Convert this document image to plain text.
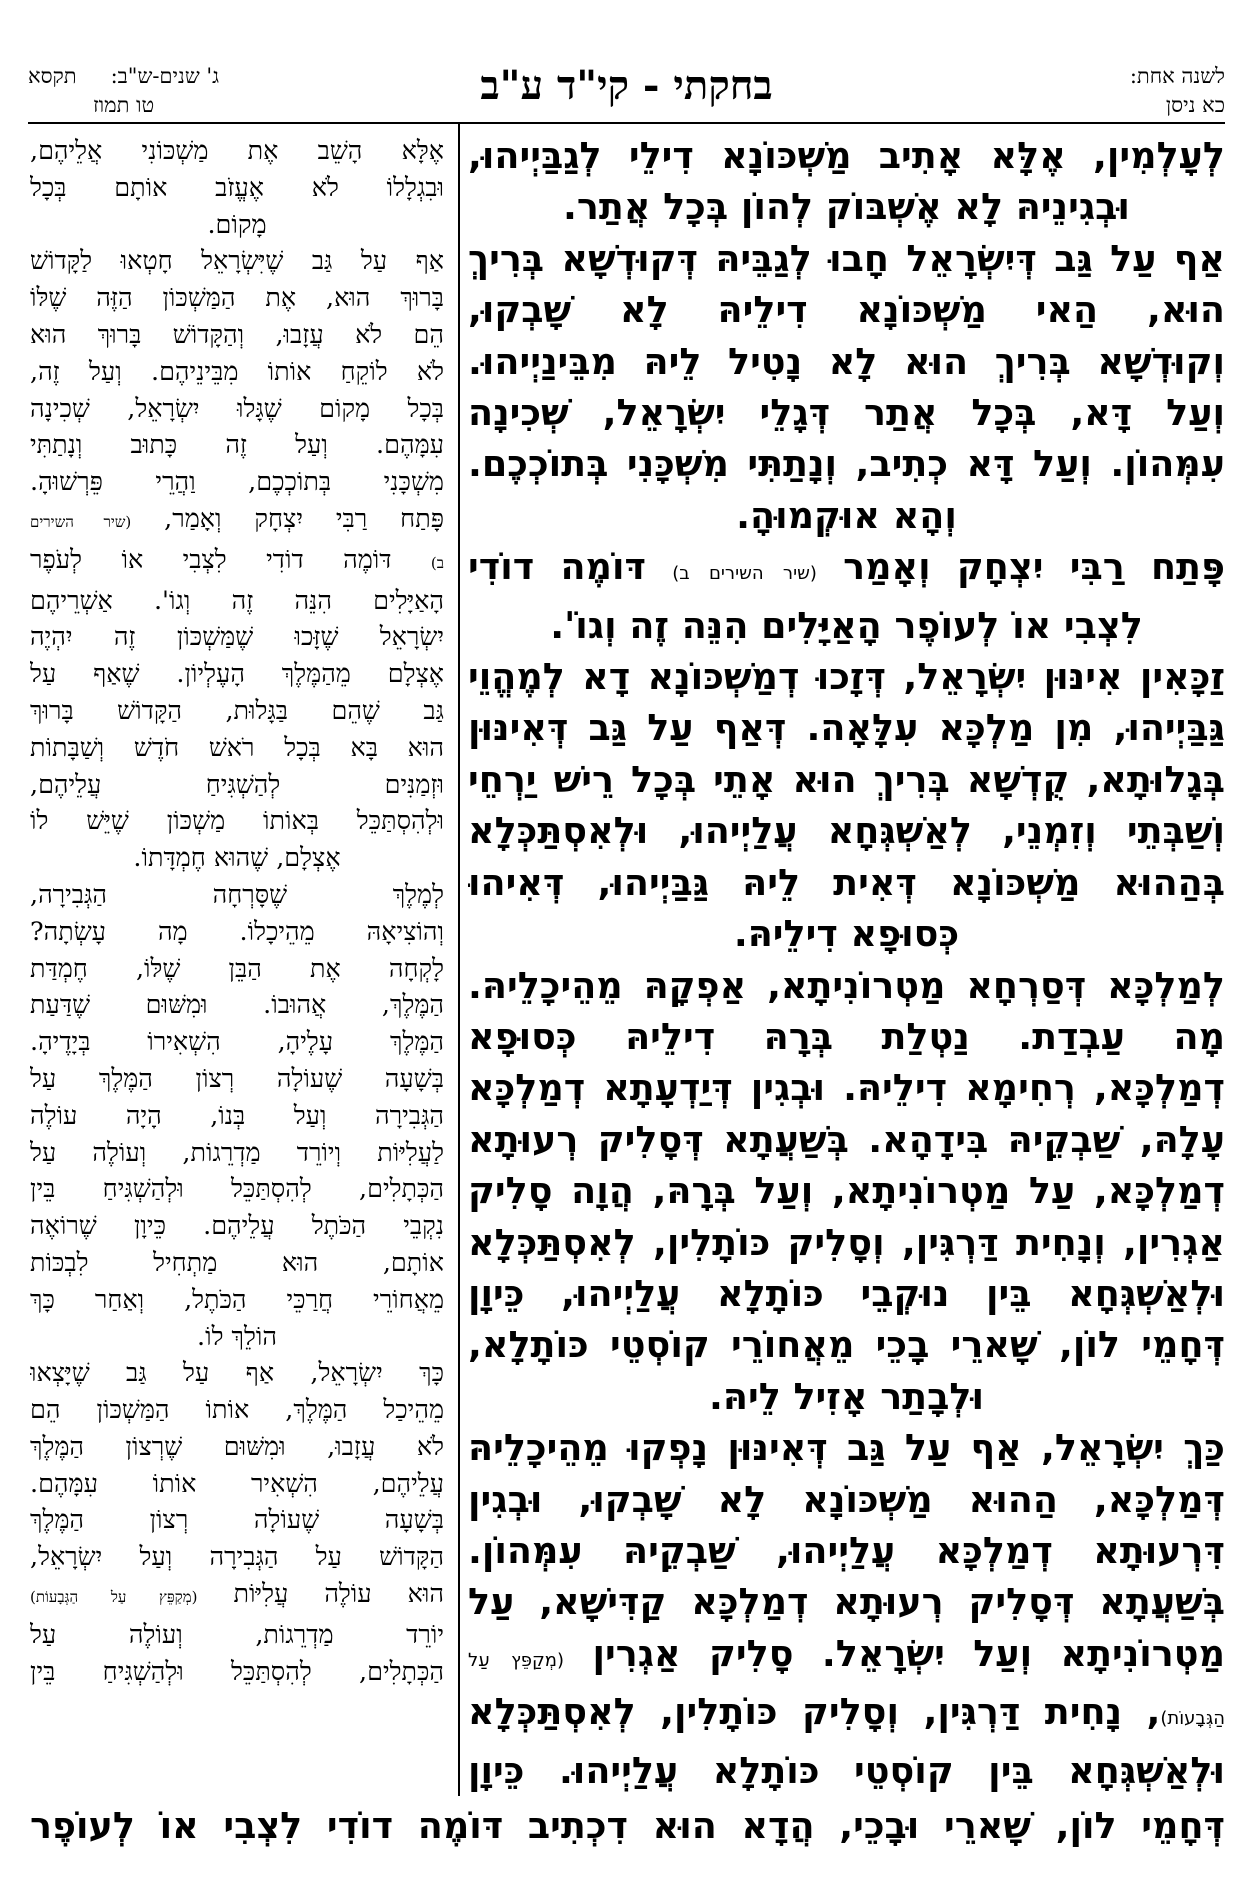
לשנה אחת:
כא ניסן
בחקתי - קי"ד ע"ב
ג' שנים-ש"ב:
תקסא
טו תמוז
לְעָלְמִין, אֶלָּא אָתִיב מַשְׁכּוֹנָא דִילֵי לְגַבַּיְיהוּ,
וּבְגִינֵיהּ לָא אֶשְׁבּוֹק לְהוֹן בְּכָל אֲתַר.
אַף עַל גַּב דְּיִשְׂרָאֵל חָבוּ לְגַבֵּיהּ דְּקוּדְשָׁא בְּרִיךְ
הוּא, הַאי מַשְׁכּוֹנָא דִילֵיהּ לָא שָׁבְקוּ,
וְקוּדְשָׁא בְּרִיךְ הוּא לָא נָטִיל לֵיהּ מִבֵּינַיְיהוּ.
וְעַל דָּא, בְּכָל אֲתַר דְּגָלֵי יִשְׂרָאֵל, שְׁכִינָה
עִמְּהוֹן. וְעַל דָּא כְתִיב, וְנָתַתִּי מִשְׁכָּנִי בְּתוֹכְכֶם.
וְהָא אוּקְמוּהָ.
פָּתַח רַבִּי יִצְחָק וְאָמַר (שיר השירים ב) דּוֹמֶה דוֹדִי
לִצְבִי אוֹ לְעוֹפֶר הָאַיָּלִים הִנֵּה זֶה וְגוֹ'.
זַכָּאִין אִינּוּן יִשְׂרָאֵל, דְּזָכוּ דְמַשְׁכּוֹנָא דָא לְמֶהֱוֵי
גַּבַּיְיהוּ, מִן מַלְכָּא עִלָּאָה. דְּאַף עַל גַּב דְּאִינּוּן
בְּגָלוּתָא, קֻדְשָׁא בְּרִיךְ הוּא אָתֵי בְּכָל רֵישׁ יַרְחֵי
וְשַׁבְּתֵי וְזִמְנֵי, לְאַשְׁגְּחָא עֲלַיְיהוּ, וּלְאִסְתַּכְּלָא
בְּהַהוּא מַשְׁכּוֹנָא דְּאִית לֵיהּ גַּבַּיְיהוּ, דְּאִיהוּ
כְּסוּפָא דִילֵיהּ.
לְמַלְכָּא דְּסַרְחָא מַטְרוֹנִיתָא, אַפְקָהּ מֵהֵיכָלֵיהּ.
מָה עַבְדַת. נַטְלַת בְּרָהּ דִילֵיהּ כְּסוּפָא
דְמַלְכָּא, רְחִימָא דִילֵיהּ. וּבְגִין דְּיַדְעָתָא דְמַלְכָּא
עָלָהּ, שַׁבְקֵיהּ בִּידָהָא. בְּשַׁעֲתָא דְּסָלִיק רְעוּתָא
דְמַלְכָּא, עַל מַטְרוֹנִיתָא, וְעַל בְּרָהּ, הֲוָה סָלִיק
אַגְרִין, וְנָחִית דַּרְגִּין, וְסָלִיק כּוֹתָלִין, לְאִסְתַּכְּלָא
וּלְאַשְׁגְּחָא בֵּין נוּקְבֵי כּוֹתָלָא עֲלַיְיהוּ, כֵּיוָן
דְּחָמֵי לוֹן, שָׁארֵי בָכֵי מֵאֲחוֹרֵי קוֹסְטֵי כּוֹתָלָא,
וּלְבָתַר אָזִיל לֵיהּ.
כַּךְ יִשְׂרָאֵל, אַף עַל גַּב דְּאִינּוּן נָפְקוּ מֵהֵיכָלֵיהּ
דְּמַלְכָּא, הַהוּא מַשְׁכּוֹנָא לָא שָׁבְקוּ, וּבְגִין
דִּרְעוּתָא דְמַלְכָּא עֲלַיְיהוּ, שַׁבְקֵיהּ עִמְּהוֹן.
בְּשַׁעֲתָא דְּסָלִיק רְעוּתָא דְמַלְכָּא קַדִּישָׁא, עַל
מַטְרוֹנִיתָא וְעַל יִשְׂרָאֵל. סָלִיק אַגְרִין (מְקַפֵּץ עַל
הַגְּבָעוֹת), נָחִית דַּרְגִּין, וְסָלִיק כּוֹתָלִין, לְאִסְתַּכְּלָא
וּלְאַשְׁגְּחָא בֵּין קוֹסְטֵי כּוֹתָלָא עֲלַיְיהוּ. כֵּיוָן
אֶלָּא הָשֵׁב אֶת מַשְׁכּוֹנִי אֲלֵיהֶם,
וּבִגְלָלוֹ לֹא אֶעֱזֹב אוֹתָם בְּכָל
מָקוֹם.
אַף עַל גַּב שֶׁיִּשְׂרָאֵל חָטְאוּ לַקָּדוֹשׁ
בָּרוּךְ הוּא, אֶת הַמַּשְׁכּוֹן הַזֶּה שֶׁלּוֹ
הֵם לֹא עֲזָבוּ, וְהַקָּדוֹשׁ בָּרוּךְ הוּא
לֹא לוֹקֵחַ אוֹתוֹ מִבֵּינֵיהֶם. וְעַל זֶה,
בְּכָל מָקוֹם שֶׁגָּלוּ יִשְׂרָאֵל, שְׁכִינָה
עִמָּהֶם. וְעַל זֶה כָּתוּב וְנָתַתִּי
מִשְׁכָּנִי בְּתוֹכְכֶם, וַהֲרֵי פֵּרְשׁוּהָ.
פָּתַח רַבִּי יִצְחָק וְאָמַר, (שיר השירים
ב) דּוֹמֶה דוֹדִי לִצְבִי אוֹ לְעֹפֶר
הָאַיָּלִים הִנֵּה זֶה וְגוֹ'. אַשְׁרֵיהֶם
יִשְׂרָאֵל שֶׁזָּכוּ שֶׁמַּשְׁכּוֹן זֶה יִהְיֶה
אֶצְלָם מֵהַמֶּלֶךְ הָעֶלְיוֹן. שֶׁאַף עַל
גַּב שֶׁהֵם בַּגָּלוּת, הַקָּדוֹשׁ בָּרוּךְ
הוּא בָּא בְּכָל רֹאשׁ חֹדֶשׁ וְשַׁבָּתוֹת
וּזְמַנִּים לְהַשְׁגִּיחַ עֲלֵיהֶם,
וּלְהִסְתַּכֵּל בְּאוֹתוֹ מַשְׁכּוֹן שֶׁיֵּשׁ לוֹ
אֶצְלָם, שֶׁהוּא חֶמְדָּתוֹ.
לְמֶלֶךְ שֶׁסָּרְחָה הַגְּבִירָה,
וְהוֹצִיאָהּ מֵהֵיכָלוֹ. מָה עָשְׂתָה?
לָקְחָה אֶת הַבֵּן שֶׁלּוֹ, חֶמְדַּת
הַמֶּלֶךְ, אֲהוּבוֹ. וּמִשּׁוּם שֶׁדַּעַת
הַמֶּלֶךְ עָלֶיהָ, הִשְׁאִירוֹ בְּיָדֶיהָ.
בְּשָׁעָה שֶׁעוֹלָה רְצוֹן הַמֶּלֶךְ עַל
הַגְּבִירָה וְעַל בְּנוֹ, הָיָה עוֹלֶה
לַעֲלִיּוֹת וְיוֹרֵד מַדְרֵגוֹת, וְעוֹלֶה עַל
הַכְּתָלִים, לְהִסְתַּכֵּל וּלְהַשְׁגִּיחַ בֵּין
נִקְבֵי הַכֹּתֶל עֲלֵיהֶם. כֵּיוָן שֶׁרוֹאֶה
אוֹתָם, הוּא מַתְחִיל לִבְכּוֹת
מֵאֲחוֹרֵי חֲרַכֵּי הַכֹּתֶל, וְאַחַר כָּךְ
הוֹלֵךְ לוֹ.
כָּךְ יִשְׂרָאֵל, אַף עַל גַּב שֶׁיָּצְאוּ
מֵהֵיכַל הַמֶּלֶךְ, אוֹתוֹ הַמַּשְׁכּוֹן הֵם
לֹא עֲזָבוּ, וּמִשּׁוּם שֶׁרְצוֹן הַמֶּלֶךְ
עֲלֵיהֶם, הִשְׁאִיר אוֹתוֹ עִמָּהֶם.
בְּשָׁעָה שֶׁעוֹלָה רְצוֹן הַמֶּלֶךְ
הַקָּדוֹשׁ עַל הַגְּבִירָה וְעַל יִשְׂרָאֵל,
הוּא עוֹלֶה עֲלִיּוֹת (מְקַפֵּץ עַל הַגְּבָעוֹת)
יוֹרֵד מַדְרֵגוֹת, וְעוֹלֶה עַל
הַכְּתָלִים, לְהִסְתַּכֵּל וּלְהַשְׁגִּיחַ בֵּין
דְּחָמֵי לוֹן, שָׁארֵי וּבָכֵי, הֲדָא הוּא דִכְתִיב דּוֹמֶה דוֹדִי לִצְבִי אוֹ לְעוֹפֶר
